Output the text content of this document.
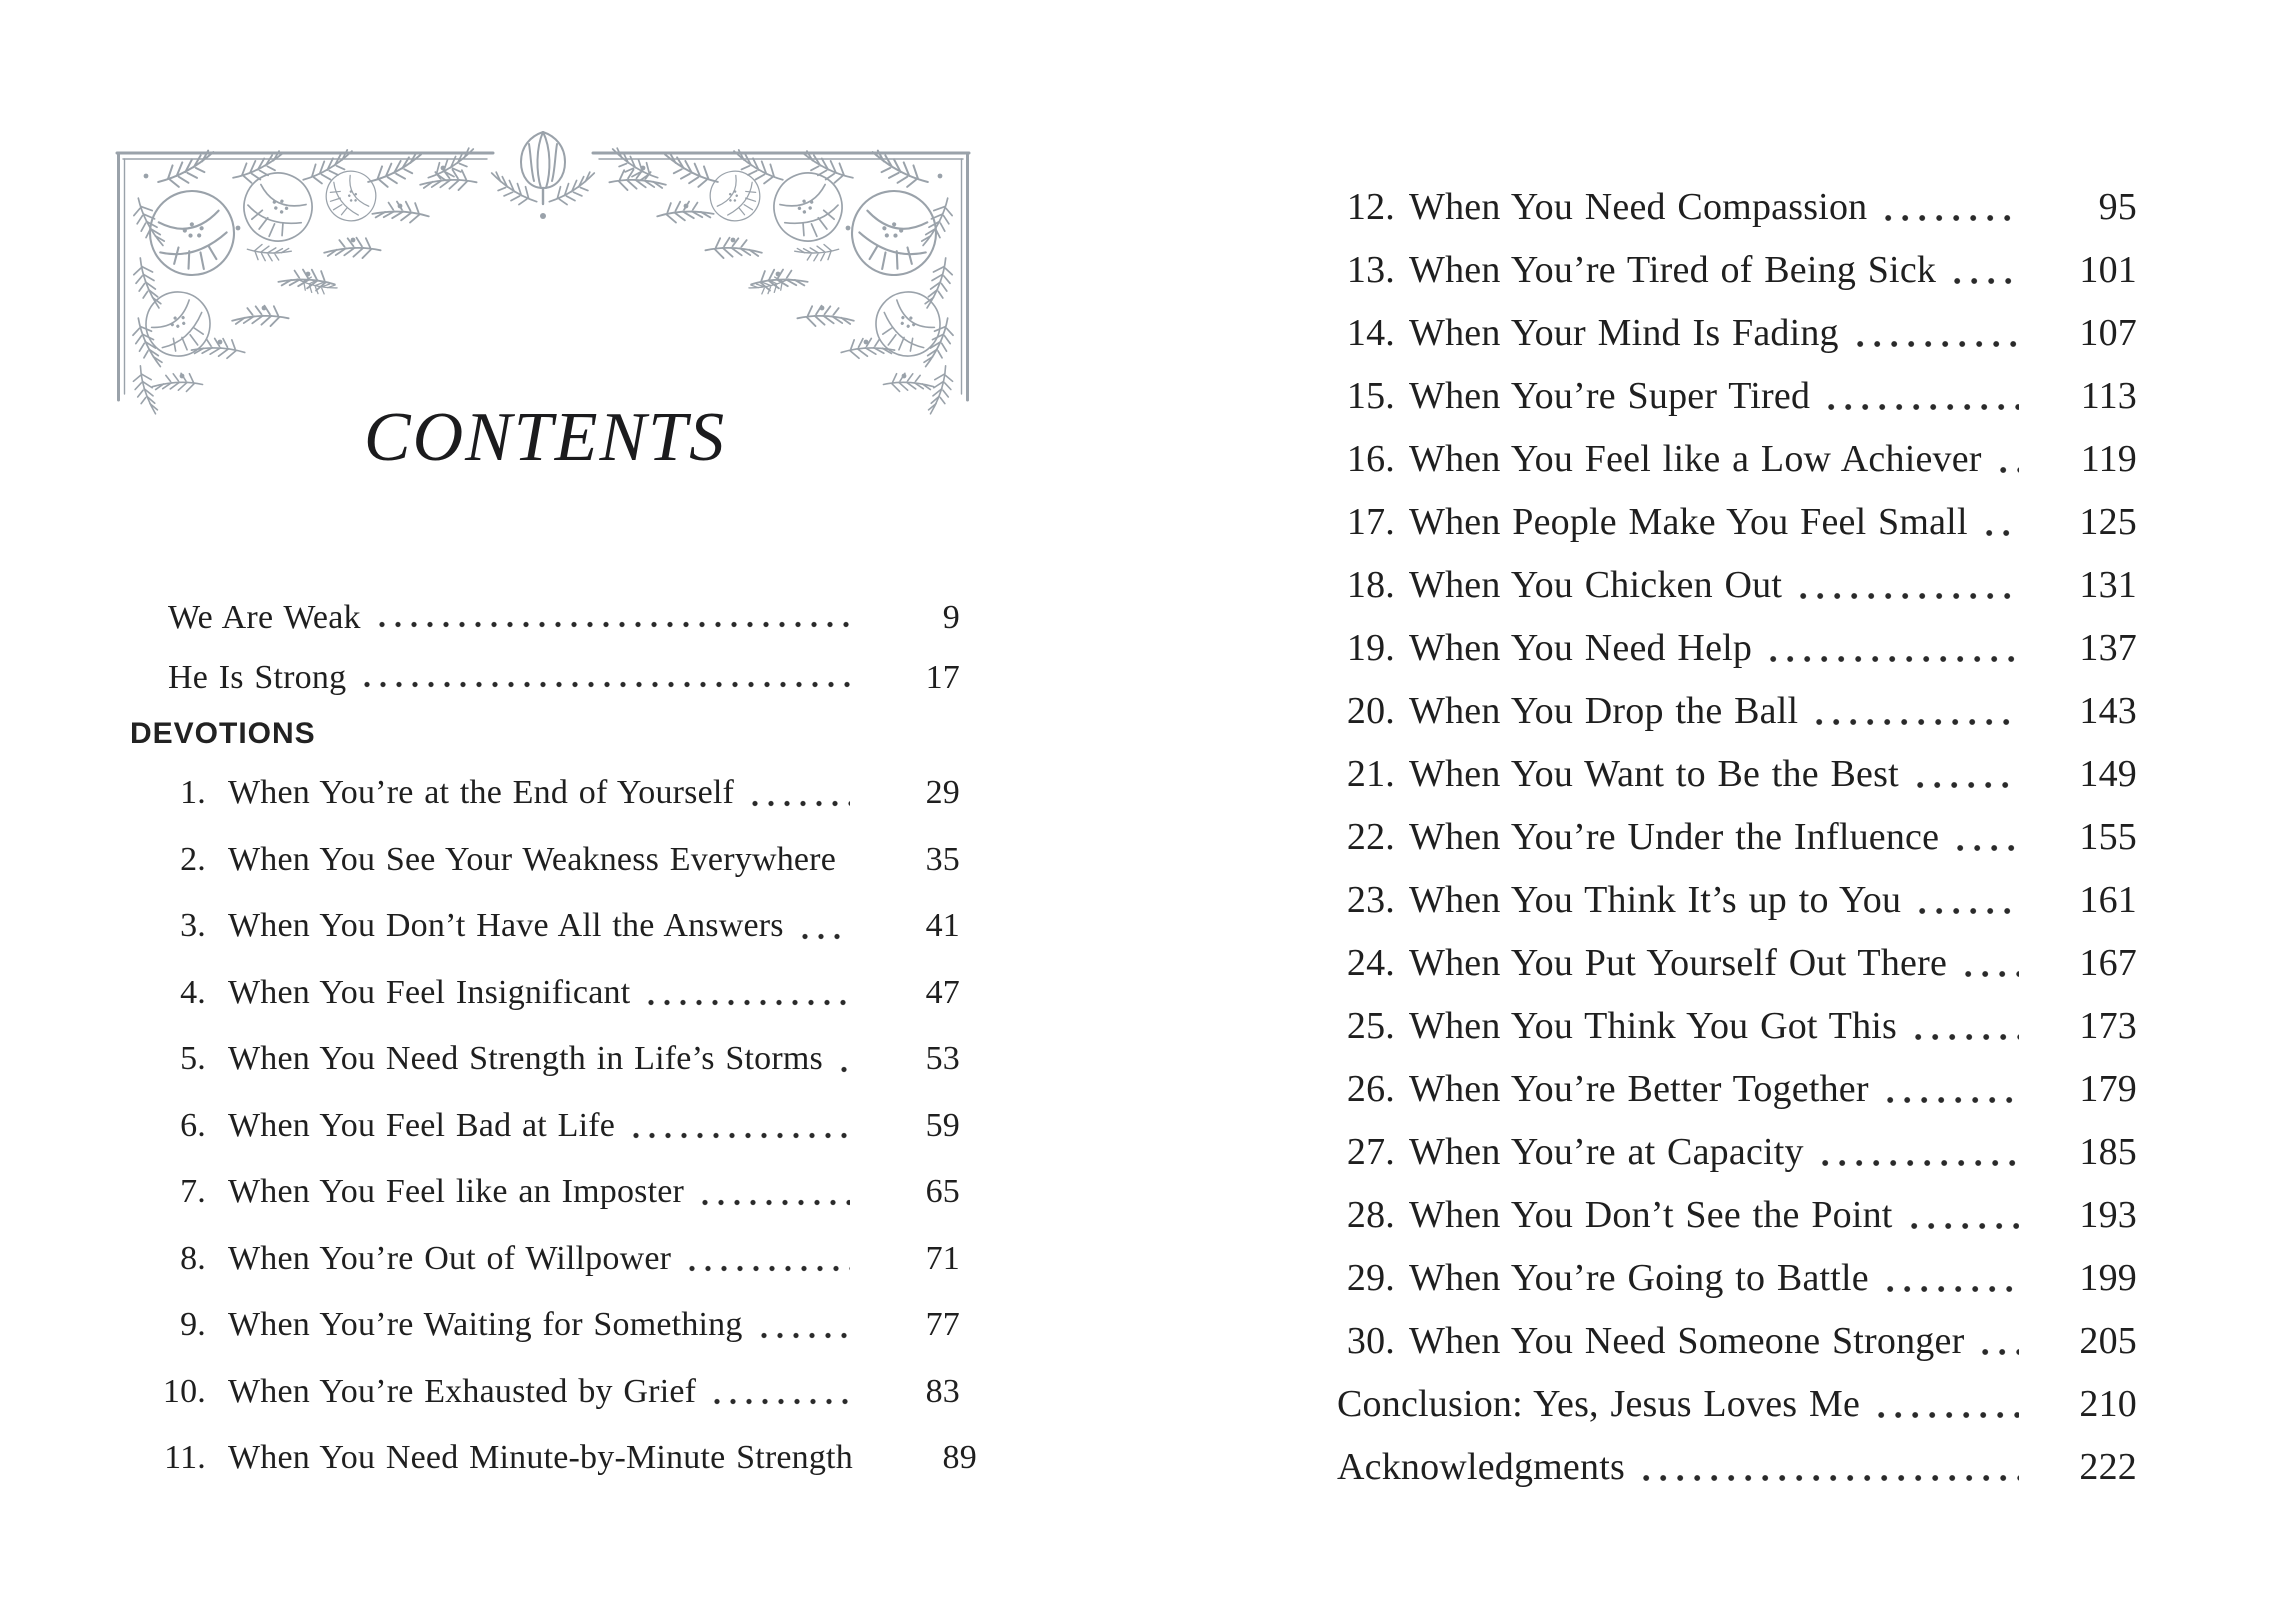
CONTENTS
We Are Weak	9
He Is Strong	17
DEVOTIONS
1. When You’re at the End of Yourself	29
2. When You See Your Weakness Everywhere	35
3. When You Don’t Have All the Answers	41
4. When You Feel Insignificant	47
5. When You Need Strength in Life’s Storms	53
6. When You Feel Bad at Life	59
7. When You Feel like an Imposter	65
8. When You’re Out of Willpower	71
9. When You’re Waiting for Something	77
10. When You’re Exhausted by Grief	83
11. When You Need Minute-by-Minute Strength	89
12. When You Need Compassion	95
13. When You’re Tired of Being Sick	101
14. When Your Mind Is Fading	107
15. When You’re Super Tired	113
16. When You Feel like a Low Achiever	119
17. When People Make You Feel Small	125
18. When You Chicken Out	131
19. When You Need Help	137
20. When You Drop the Ball	143
21. When You Want to Be the Best	149
22. When You’re Under the Influence	155
23. When You Think It’s up to You	161
24. When You Put Yourself Out There	167
25. When You Think You Got This	173
26. When You’re Better Together	179
27. When You’re at Capacity	185
28. When You Don’t See the Point	193
29. When You’re Going to Battle	199
30. When You Need Someone Stronger	205
Conclusion: Yes, Jesus Loves Me	210
Acknowledgments	222
